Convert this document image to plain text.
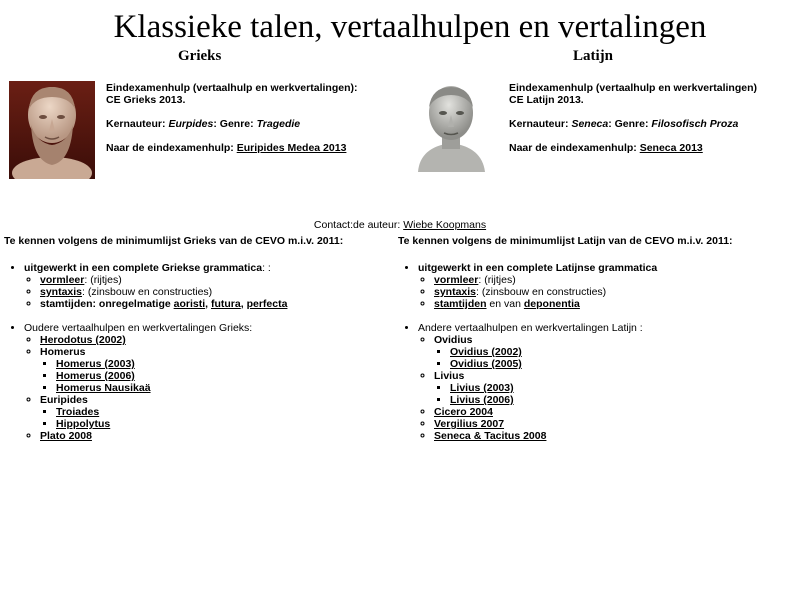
Klassieke talen, vertaalhulpen en vertalingen
Grieks	Latijn

Eindexamenhulp (vertaalhulp en werkvertalingen):
CE Grieks 2013.

Kernauteur: Eurpides: Genre: Tragedie

Naar de eindexamenhulp: Euripides Medea 2013

Eindexamenhulp (vertaalhulp en werkvertalingen)
CE Latijn 2013.

Kernauteur: Seneca: Genre: Filosofisch Proza

Naar de eindexamenhulp: Seneca 2013

Contact:de auteur: Wiebe Koopmans
Te kennen volgens de minimumlijst Grieks van de CEVO m.i.v. 2011:	Te kennen volgens de minimumlijst Latijn van de CEVO m.i.v. 2011:
• uitgewerkt in een complete Griekse grammatica: :
◦ vormleer: (rijtjes)
◦ syntaxis: (zinsbouw en constructies)
◦ stamtijden: onregelmatige aoristi, futura, perfecta
• Oudere vertaalhulpen en werkvertalingen Grieks:
◦ Herodotus (2002)
◦ Homerus
▪ Homerus (2003)
▪ Homerus (2006)
▪ Homerus Nausikaä
◦ Euripides
▪ Troiades
▪ Hippolytus
◦ Plato 2008
• uitgewerkt in een complete Latijnse grammatica
◦ vormleer: (rijtjes)
◦ syntaxis: (zinsbouw en constructies)
◦ stamtijden en van deponentia
• Andere vertaalhulpen en werkvertalingen Latijn :
◦ Ovidius
▪ Ovidius (2002)
▪ Ovidius (2005)
◦ Livius
▪ Livius (2003)
▪ Livius (2006)
◦ Cicero 2004
◦ Vergilius 2007
◦ Seneca & Tacitus 2008
